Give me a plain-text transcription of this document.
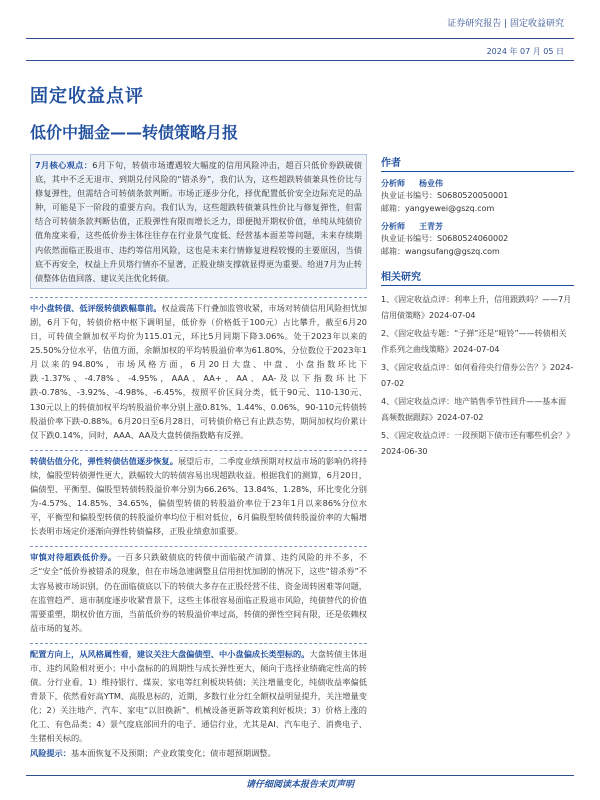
证券研究报告 | 固定收益研究
2024 年 07 月 05 日
固定收益点评
低价中掘金——转债策略月报

7月核心观点：6月下旬，转债市场遭遇较大幅度的信用风险冲击，超百只低价券跌破债底，其中不乏无退市、到期兑付风险的“错杀券”，我们认为，这些超跌转债兼具性价比与修复弹性，但需结合可转债条款判断。市场正逐步分化，择优配置低价安全边际充足的品种，可能是下一阶段的重要方向。我们认为，这些超跌转债兼具性价比与修复弹性，但需结合可转债条款判断估值，正股弹性有限而增长乏力，即便抛开期权价值，单纯从纯债价值角度来看，这些低价券主体往往存在行业景气度低、经营基本面差等问题，未来存续期内依然面临正股退市、违约等信用风险，这也是未来行情修复进程较慢的主要原因，当债底不再安全，权益上升贝塔行情亦不显著，正股业绩支撑就显得更为重要。给进7月为止转债整体估值回落、建议关注优化转债。

中小盘转债、低评级转债跌幅靠前。权益震荡下行叠加监管收紧，市场对转债信用风险担忧加剧，6月下旬，转债价格中枢下调明显，低价券（价格低于100元）占比攀升，截至6月20日，可转债全额加权平均价为115.01元，环比5月同期下降3.06%。处于2023年以来的25.50%分位水平，估值方面，余额加权的平均转股溢价率为61.80%，分位数位于2023年1月以来的94.80%，市场风格方面，6月20日大盘、中盘、小盘指数环比下跌-1.37%、-4.78%、-4.95%，AAA、AA+、AA、AA-及以下指数环比下跌-0.78%、-3.92%、-4.98%、-6.45%，按照平价区间分类，低于90元、110-130元、130元以上的转债加权平均转股溢价率分别上涨0.81%、1.44%、0.06%，90-110元转债转股溢价率下跌-0.88%。6月20日至6月28日，可转债价格已有止跌态势，期间加权均价累计仅下跌0.14%，同时，AAA、AA及大盘转债指数略有反弹。

转债估值分化，弹性转债估值逐步恢复。展望后市，二季度业绩预期对权益市场的影响仍将持续，偏股型转债弹性更大，跌幅较大的转债容易出现超跌收益。根据我们的测算，6月20日，偏债型、平衡型、偏股型转债转股溢价率分别为66.26%、13.84%、1.28%，环比变化分别为-4.57%、14.85%、34.65%，偏债型转债的转股溢价率位于23年1月以来86%分位水平，平衡型和偏股型转债的转股溢价率均位于相对低位，6月偏股型转债转股溢价率的大幅增长表明市场定价逐渐向弹性转债偏移，正股业绩愈加重要。

审慎对待超跌低价券。一百多只跌破债底的转债中面临破产清算、违约风险的并不多，不乏“安全”低价券被错杀的现象，但在市场急速调整且信用担忧加剧的情况下，这些“错杀券”不太容易被市场识别，仍在面临债底以下的转债大多存在正股经营不佳、资金周转困难等问题，在监管趋严、退市制度逐步收紧背景下，这些主体很容易面临正股退市风险，纯债替代的价值需要重塑，期权价值方面，当前低价券的转股溢价率过高，转债的弹性空间有限，还是依赖权益市场的复苏。

配置方向上，从风格属性看，建议关注大盘偏债型、中小盘偏成长类型标的。大盘转债主体退市、违约风险相对更小；中小盘标的的周期性与成长弹性更大，倾向于选择业绩确定性高的转债。分行业看，1）维持银行、煤炭、家电等红利板块转债；关注增量变化，纯债收益率偏低背景下，依然看好高YTM、高股息标的，近期，多数行业分红全额权益明显提升，关注增量变化；2）关注地产、汽车、家电“以旧换新”、机械设备更新等政策利好板块；3）价格上涨的化工、有色品类；4）景气度底部回升的电子、通信行业，尤其是AI、汽车电子、消费电子、生猪相关标的。

风险提示：基本面恢复不及预期；产业政策变化；债市超预期调整。

作者
分析师 杨业伟
执业证书编号：S0680520050001
邮箱：yangyewei@gszq.com
分析师 王青芳
执业证书编号：S0680524060002
邮箱：wangsufang@gszq.com
相关研究
1、《固定收益点评：利率上升，信用跟跌吗？——7月信用债策略》2024-07-04
2、《固定收益专题：“子弹”还是“哑铃”——转债相关作系列之曲线策略》2024-07-04
3、《固定收益点评：如何看待央行借券公告？》2024-07-02
4、《固定收益点评：地产销售季节性回升——基本面高频数据跟踪》2024-07-02
5、《固定收益点评：一段预期下债市还有哪些机会？》2024-06-30
请仔细阅读本报告末页声明
